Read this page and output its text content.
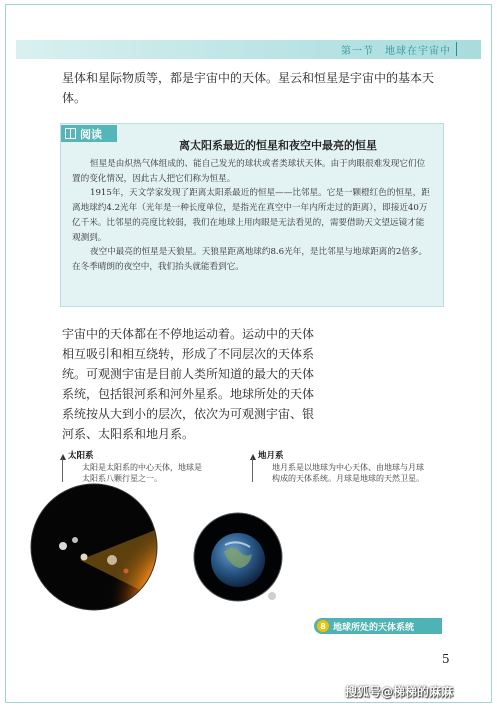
第一节　地球在宇宙中

星体和星际物质等，都是宇宙中的天体。星云和恒星是宇宙中的基本天体。

阅读
离太阳系最近的恒星和夜空中最亮的恒星

恒星是由炽热气体组成的、能自己发光的球状或者类球状天体。由于肉眼很难发现它们位置的变化情况，因此古人把它们称为恒星。

1915年，天文学家发现了距离太阳系最近的恒星——比邻星。它是一颗橙红色的恒星，距离地球约4.2光年（光年是一种长度单位，是指光在真空中一年内所走过的距离），即接近40万亿千米。比邻星的亮度比较弱，我们在地球上用肉眼是无法看见的，需要借助天文望远镜才能观测到。

夜空中最亮的恒星是天狼星。天狼星距离地球约8.6光年，是比邻星与地球距离的2倍多。在冬季晴朗的夜空中，我们抬头就能看到它。

宇宙中的天体都在不停地运动着。运动中的天体相互吸引和相互绕转，形成了不同层次的天体系统。可观测宇宙是目前人类所知道的最大的天体系统，包括银河系和河外星系。地球所处的天体系统按从大到小的层次，依次为可观测宇宙、银河系、太阳系和地月系。

太阳系
太阳是太阳系的中心天体，地球是太阳系八颗行星之一。
地月系
地月系是以地球为中心天体、由地球与月球构成的天体系统。月球是地球的天然卫星。
8 地球所处的天体系统
5
搜狐号@梯梯的麻麻
